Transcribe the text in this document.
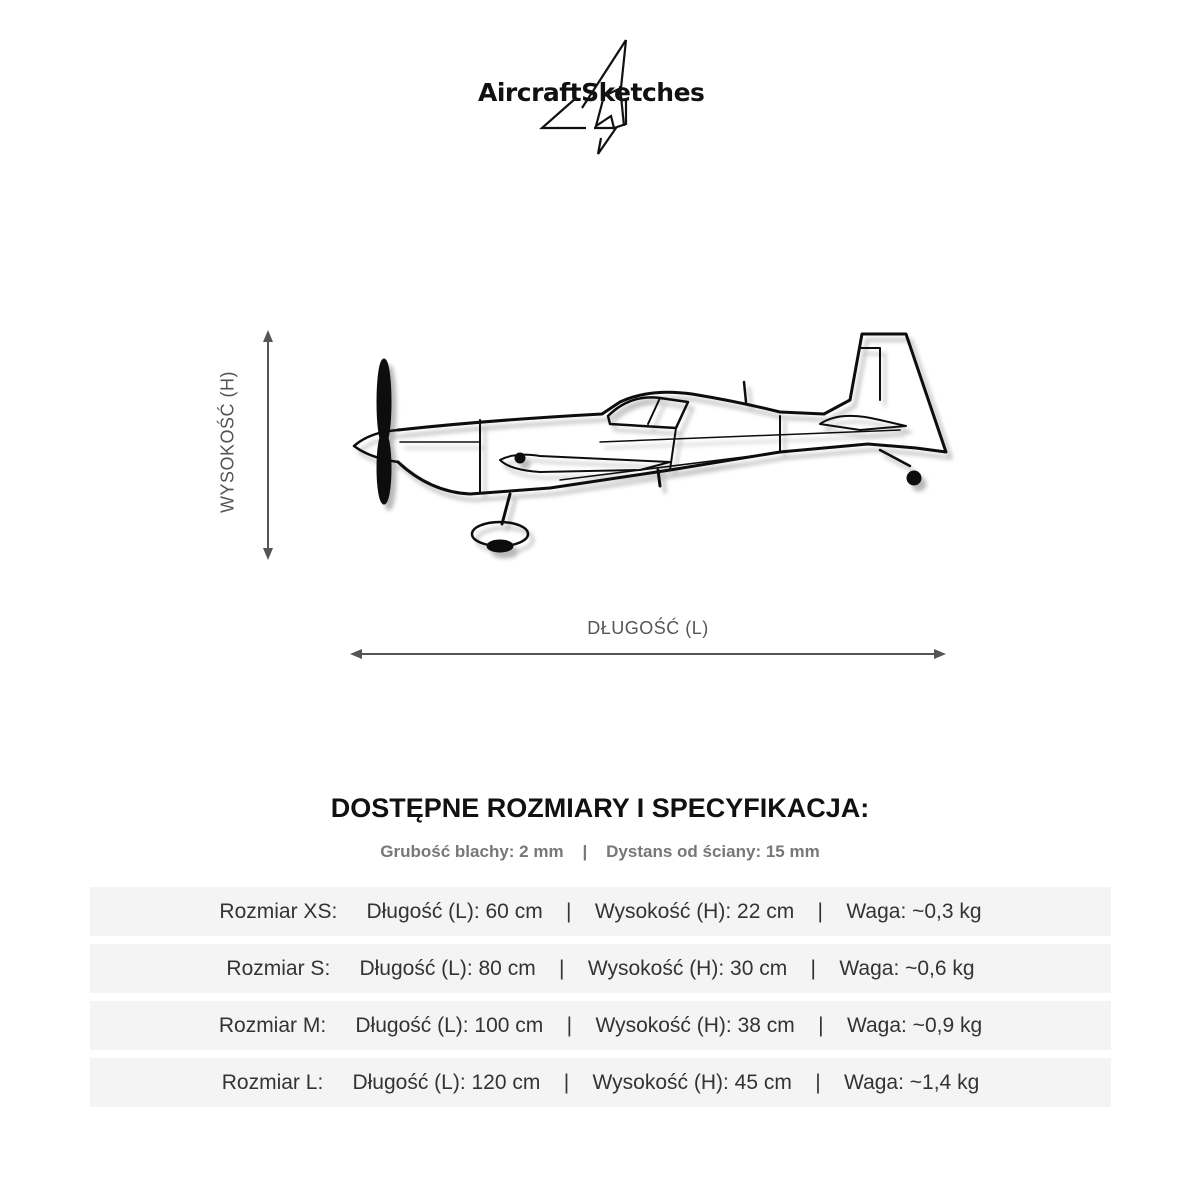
AircraftSketches
WYSOKOŚĆ (H)
DŁUGOŚĆ (L)
DOSTĘPNE ROZMIARY I SPECYFIKACJA:
Grubość blachy: 2 mm | Dystans od ściany: 15 mm
Rozmiar XS: Długość (L): 60 cm | Wysokość (H): 22 cm | Waga: ~0,3 kg
Rozmiar S: Długość (L): 80 cm | Wysokość (H): 30 cm | Waga: ~0,6 kg
Rozmiar M: Długość (L): 100 cm | Wysokość (H): 38 cm | Waga: ~0,9 kg
Rozmiar L: Długość (L): 120 cm | Wysokość (H): 45 cm | Waga: ~1,4 kg
